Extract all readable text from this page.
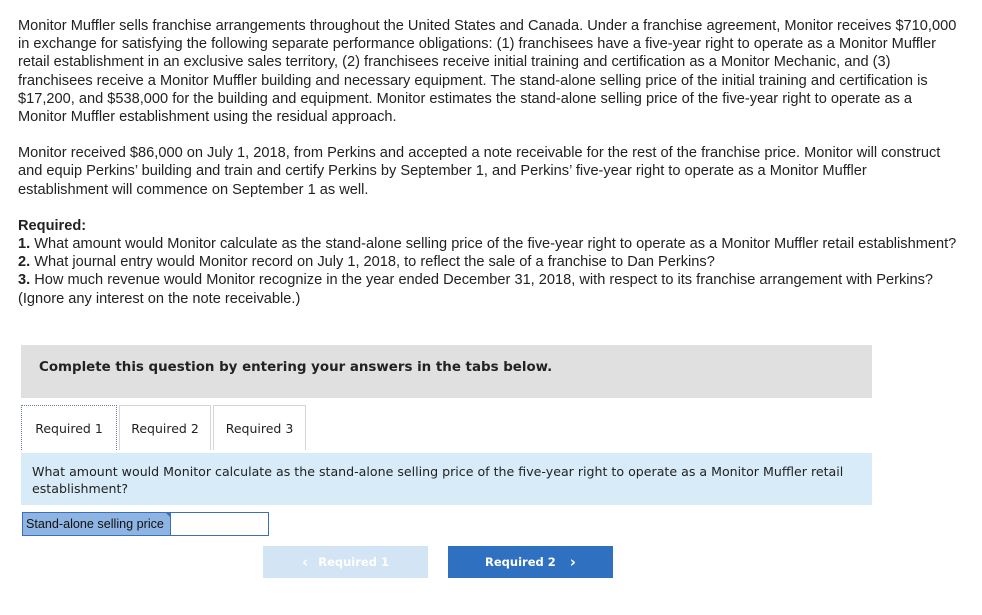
Monitor Muffler sells franchise arrangements throughout the United States and Canada. Under a franchise agreement, Monitor receives $710,000 in exchange for satisfying the following separate performance obligations: (1) franchisees have a five-year right to operate as a Monitor Muffler retail establishment in an exclusive sales territory, (2) franchisees receive initial training and certification as a Monitor Mechanic, and (3) franchisees receive a Monitor Muffler building and necessary equipment. The stand-alone selling price of the initial training and certification is $17,200, and $538,000 for the building and equipment. Monitor estimates the stand-alone selling price of the five-year right to operate as a Monitor Muffler establishment using the residual approach.

Monitor received $86,000 on July 1, 2018, from Perkins and accepted a note receivable for the rest of the franchise price. Monitor will construct and equip Perkins’ building and train and certify Perkins by September 1, and Perkins’ five-year right to operate as a Monitor Muffler establishment will commence on September 1 as well.

Required:
1. What amount would Monitor calculate as the stand-alone selling price of the five-year right to operate as a Monitor Muffler retail establishment?
2. What journal entry would Monitor record on July 1, 2018, to reflect the sale of a franchise to Dan Perkins?
3. How much revenue would Monitor recognize in the year ended December 31, 2018, with respect to its franchise arrangement with Perkins? (Ignore any interest on the note receivable.)
Complete this question by entering your answers in the tabs below.
Required 1	Required 2	Required 3
What amount would Monitor calculate as the stand-alone selling price of the five-year right to operate as a Monitor Muffler retail establishment?
Stand-alone selling price
‹ Required 1	Required 2 ›
